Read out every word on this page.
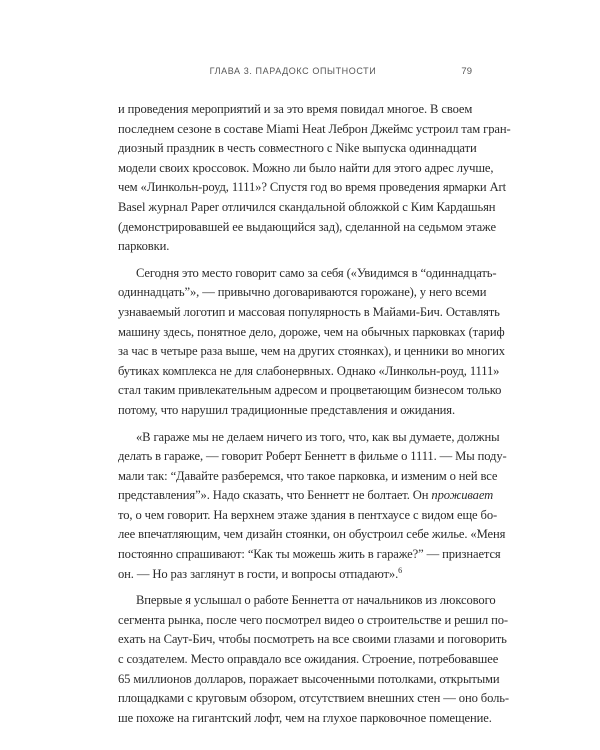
ГЛАВА 3. ПАРАДОКС ОПЫТНОСТИ	79

и проведения мероприятий и за это время повидал многое. В своем
последнем сезоне в составе Miami Heat Леброн Джеймс устроил там гран-
диозный праздник в честь совместного с Nike выпуска одиннадцати
модели своих кроссовок. Можно ли было найти для этого адрес лучше,
чем «Линкольн-роуд, 1111»? Спустя год во время проведения ярмарки Art
Basel журнал Paper отличился скандальной обложкой с Ким Кардашьян
(демонстрировавшей ее выдающийся зад), сделанной на седьмом этаже
парковки.

Сегодня это место говорит само за себя («Увидимся в “одиннадцать-
одиннадцать”», — привычно договариваются горожане), у него всеми
узнаваемый логотип и массовая популярность в Майами-Бич. Оставлять
машину здесь, понятное дело, дороже, чем на обычных парковках (тариф
за час в четыре раза выше, чем на других стоянках), и ценники во многих
бутиках комплекса не для слабонервных. Однако «Линкольн-роуд, 1111»
стал таким привлекательным адресом и процветающим бизнесом только
потому, что нарушил традиционные представления и ожидания.

«В гараже мы не делаем ничего из того, что, как вы думаете, должны
делать в гараже, — говорит Роберт Беннетт в фильме о 1111. — Мы поду-
мали так: “Давайте разберемся, что такое парковка, и изменим о ней все
представления”». Надо сказать, что Беннетт не болтает. Он проживает
то, о чем говорит. На верхнем этаже здания в пентхаусе с видом еще бо-
лее впечатляющим, чем дизайн стоянки, он обустроил себе жилье. «Меня
постоянно спрашивают: “Как ты можешь жить в гараже?” — признается
он. — Но раз заглянут в гости, и вопросы отпадают».$^6$

Впервые я услышал о работе Беннетта от начальников из люксового
сегмента рынка, после чего посмотрел видео о строительстве и решил по-
ехать на Саут-Бич, чтобы посмотреть на все своими глазами и поговорить
с создателем. Место оправдало все ожидания. Строение, потребовавшее
65 миллионов долларов, поражает высоченными потолками, открытыми
площадками с круговым обзором, отсутствием внешних стен — оно боль-
ше похоже на гигантский лофт, чем на глухое парковочное помещение.
